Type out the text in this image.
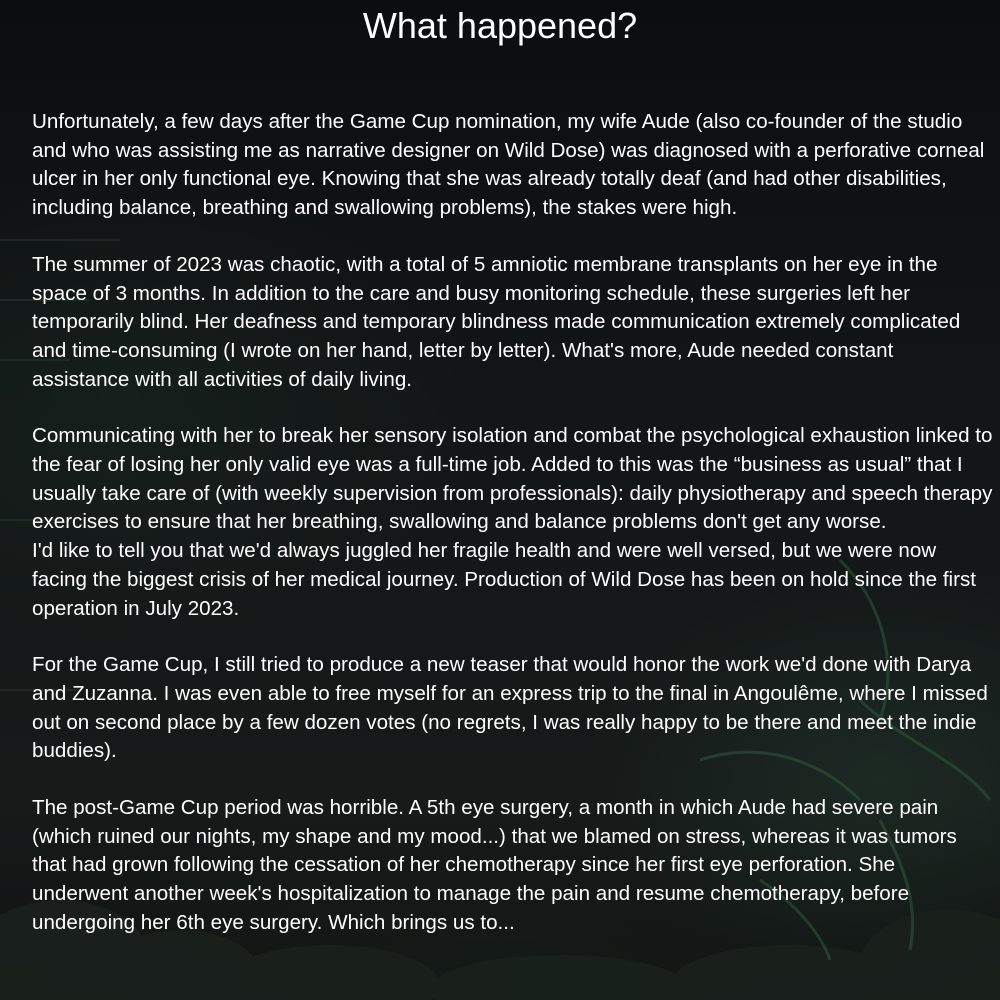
What happened?

Unfortunately, a few days after the Game Cup nomination, my wife Aude (also co-founder of the studio and who was assisting me as narrative designer on Wild Dose) was diagnosed with a perforative corneal ulcer in her only functional eye. Knowing that she was already totally deaf (and had other disabilities, including balance, breathing and swallowing problems), the stakes were high.

The summer of 2023 was chaotic, with a total of 5 amniotic membrane transplants on her eye in the space of 3 months. In addition to the care and busy monitoring schedule, these surgeries left her temporarily blind. Her deafness and temporary blindness made communication extremely complicated and time-consuming (I wrote on her hand, letter by letter). What's more, Aude needed constant assistance with all activities of daily living.

Communicating with her to break her sensory isolation and combat the psychological exhaustion linked to the fear of losing her only valid eye was a full-time job. Added to this was the “business as usual” that I usually take care of (with weekly supervision from professionals): daily physiotherapy and speech therapy exercises to ensure that her breathing, swallowing and balance problems don't get any worse.

I'd like to tell you that we'd always juggled her fragile health and were well versed, but we were now facing the biggest crisis of her medical journey. Production of Wild Dose has been on hold since the first operation in July 2023.

For the Game Cup, I still tried to produce a new teaser that would honor the work we'd done with Darya and Zuzanna. I was even able to free myself for an express trip to the final in Angoulême, where I missed out on second place by a few dozen votes (no regrets, I was really happy to be there and meet the indie buddies).

The post-Game Cup period was horrible. A 5th eye surgery, a month in which Aude had severe pain (which ruined our nights, my shape and my mood...) that we blamed on stress, whereas it was tumors that had grown following the cessation of her chemotherapy since her first eye perforation. She underwent another week's hospitalization to manage the pain and resume chemotherapy, before undergoing her 6th eye surgery. Which brings us to...
